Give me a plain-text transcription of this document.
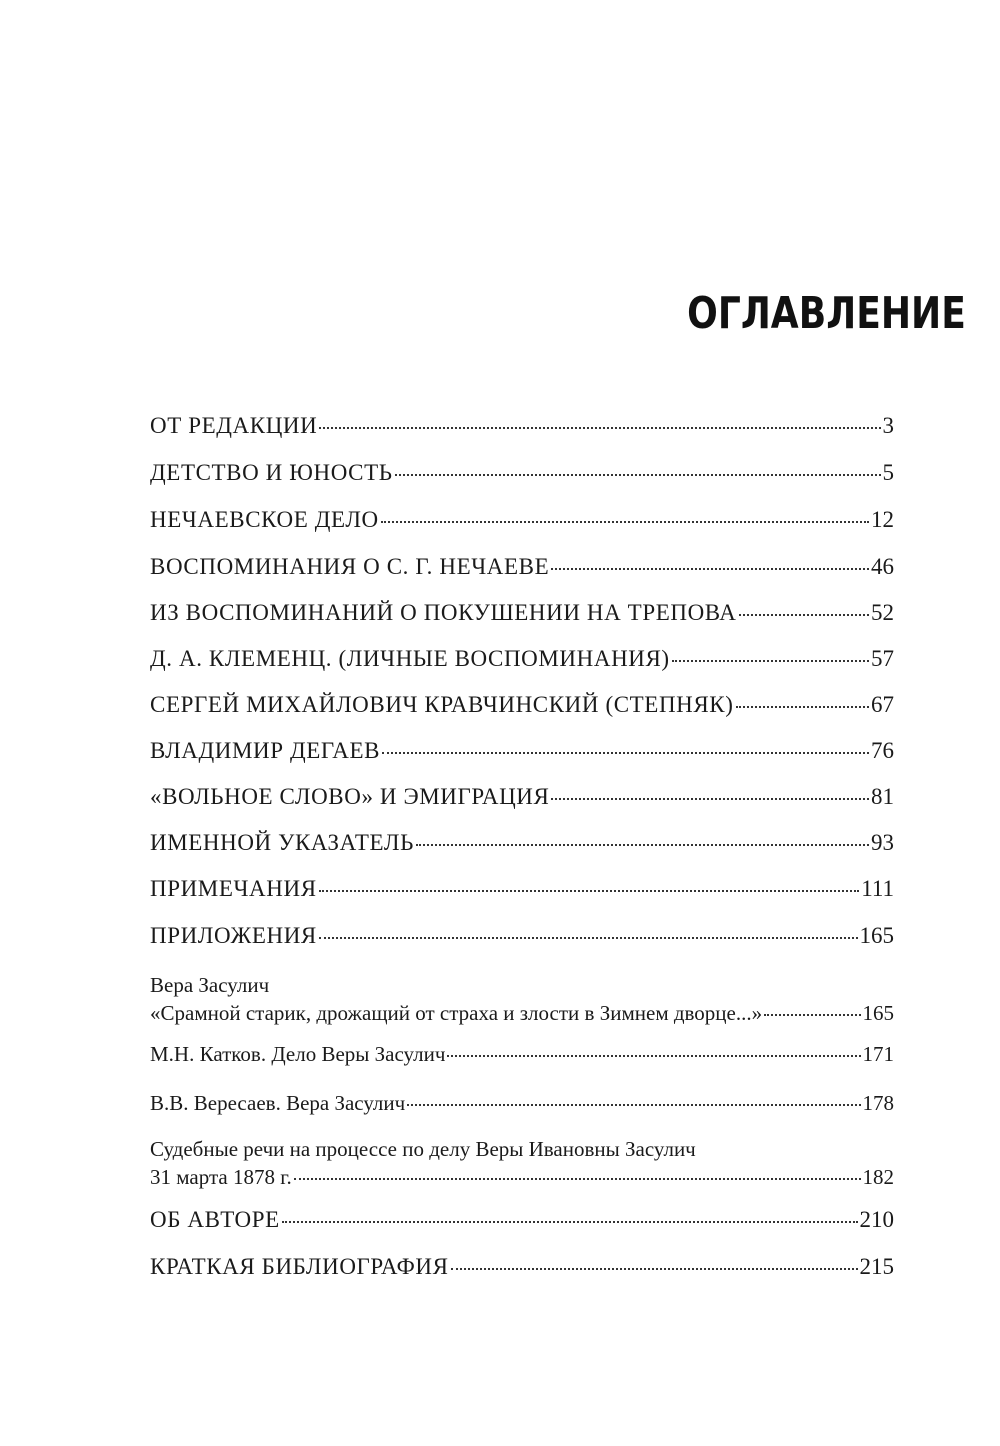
ОГЛАВЛЕНИЕ
ОТ РЕДАКЦИИ	3
ДЕТСТВО И ЮНОСТЬ	5
НЕЧАЕВСКОЕ ДЕЛО	12
ВОСПОМИНАНИЯ О С. Г. НЕЧАЕВЕ	46
ИЗ ВОСПОМИНАНИЙ О ПОКУШЕНИИ НА ТРЕПОВА	52
Д. А. КЛЕМЕНЦ. (ЛИЧНЫЕ ВОСПОМИНАНИЯ)	57
СЕРГЕЙ МИХАЙЛОВИЧ КРАВЧИНСКИЙ (СТЕПНЯК)	67
ВЛАДИМИР ДЕГАЕВ	76
«ВОЛЬНОЕ СЛОВО» И ЭМИГРАЦИЯ	81
ИМЕННОЙ УКАЗАТЕЛЬ	93
ПРИМЕЧАНИЯ	111
ПРИЛОЖЕНИЯ	165
Вера Засулич
«Срамной старик, дрожащий от страха и злости в Зимнем дворце...»	165
М.Н. Катков. Дело Веры Засулич	171
В.В. Вересаев. Вера Засулич	178
Судебные речи на процессе по делу Веры Ивановны Засулич
31 марта 1878 г.	182
ОБ АВТОРЕ	210
КРАТКАЯ БИБЛИОГРАФИЯ	215
